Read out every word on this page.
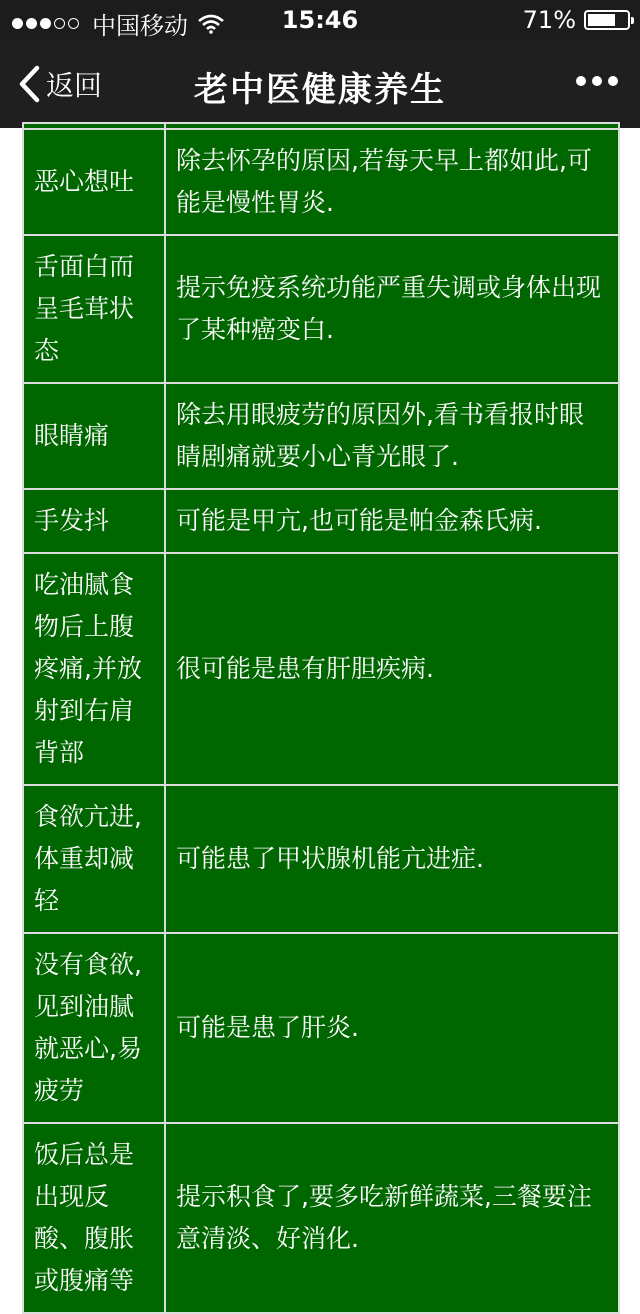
中国移动	15:46	71%
返回	老中医健康养生

恶心想吐	除去怀孕的原因,若每天早上都如此,可能是慢性胃炎.
舌面白而呈毛茸状态	提示免疫系统功能严重失调或身体出现了某种癌变白.
眼睛痛	除去用眼疲劳的原因外,看书看报时眼睛剧痛就要小心青光眼了.
手发抖	可能是甲亢,也可能是帕金森氏病.
吃油腻食物后上腹疼痛,并放射到右肩背部	很可能是患有肝胆疾病.
食欲亢进,体重却减轻	可能患了甲状腺机能亢进症.
没有食欲,见到油腻就恶心,易疲劳	可能是患了肝炎.
饭后总是出现反酸、腹胀或腹痛等	提示积食了,要多吃新鲜蔬菜,三餐要注意清淡、好消化.
